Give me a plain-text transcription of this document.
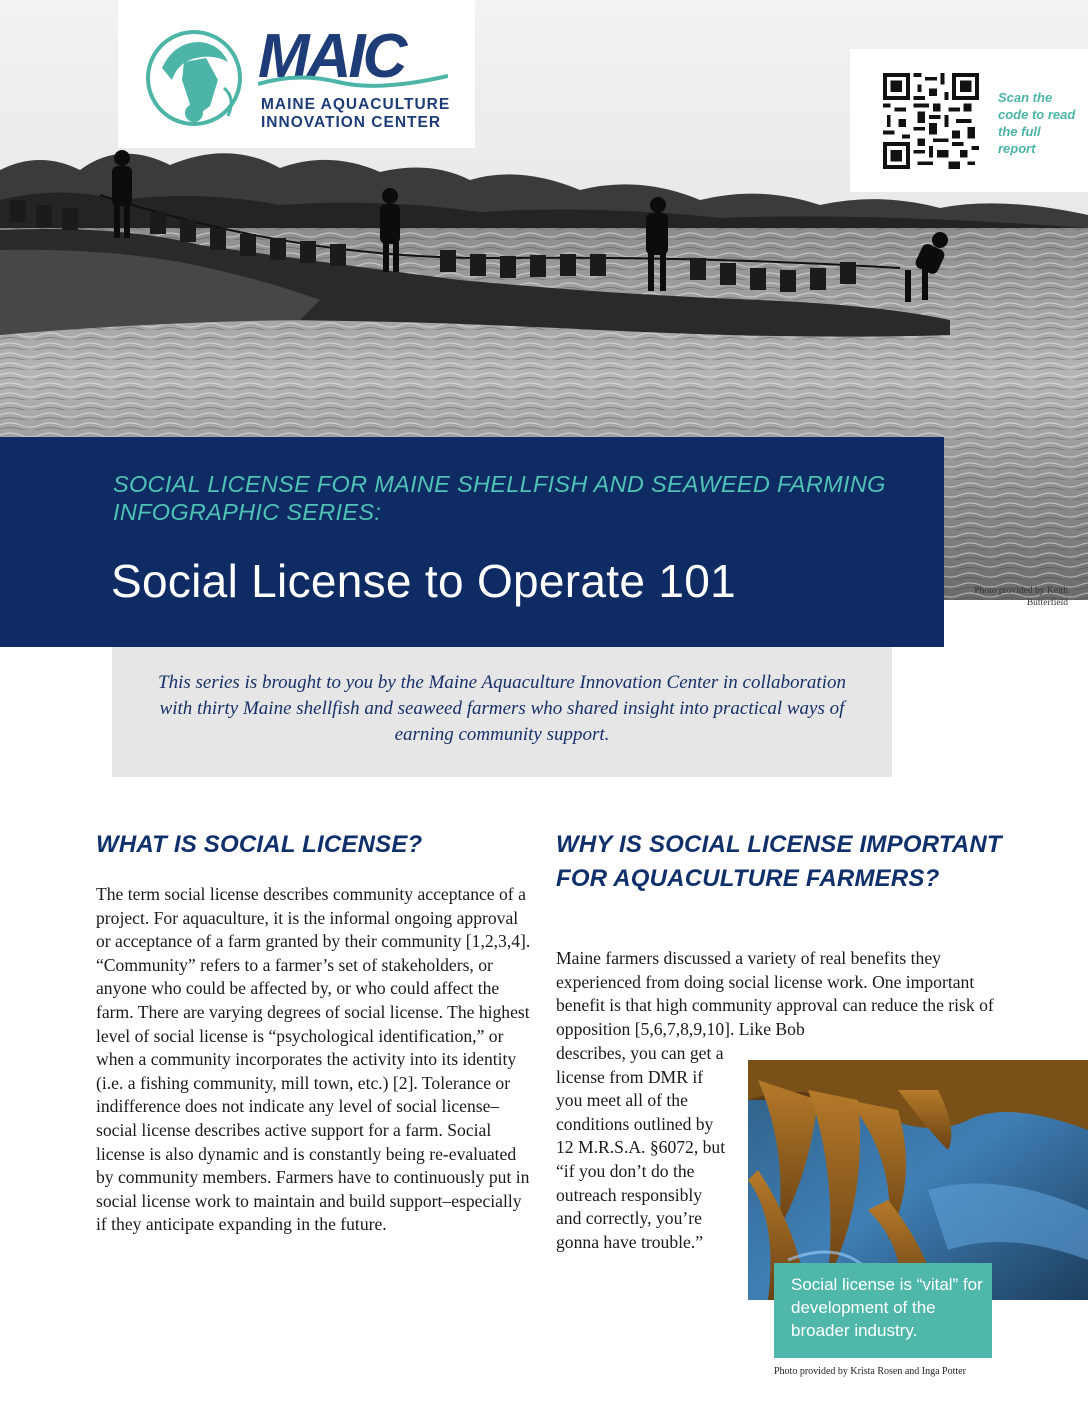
MAIC
MAINE AQUACULTURE
INNOVATION CENTER
Scan the code to read the full report
SOCIAL LICENSE FOR MAINE SHELLFISH AND SEAWEED FARMING INFOGRAPHIC SERIES:
Social License to Operate 101	Photo provided by Keith Butterfield

This series is brought to you by the Maine Aquaculture Innovation Center in collaboration with thirty Maine shellfish and seaweed farmers who shared insight into practical ways of earning community support.

WHAT IS SOCIAL LICENSE?

The term social license describes community acceptance of a project. For aquaculture, it is the informal ongoing approval or acceptance of a farm granted by their community [1,2,3,4]. “Community” refers to a farmer’s set of stakeholders, or anyone who could be affected by, or who could affect the farm. There are varying degrees of social license. The highest level of social license is “psychological identification,” or when a community incorporates the activity into its identity (i.e. a fishing community, mill town, etc.) [2]. Tolerance or indifference does not indicate any level of social license–social license describes active support for a farm. Social license is also dynamic and is constantly being re-evaluated by community members. Farmers have to continuously put in social license work to maintain and build support–especially if they anticipate expanding in the future.

WHY IS SOCIAL LICENSE IMPORTANT FOR AQUACULTURE FARMERS?

Maine farmers discussed a variety of real benefits they experienced from doing social license work. One important benefit is that high community approval can reduce the risk of opposition [5,6,7,8,9,10]. Like Bob

describes, you can get a license from DMR if you meet all of the conditions outlined by 12 M.R.S.A. §6072, but “if you don’t do the outreach responsibly and correctly, you’re gonna have trouble.”

Social license is “vital” for development of the broader industry.
Photo provided by Krista Rosen and Inga Potter
